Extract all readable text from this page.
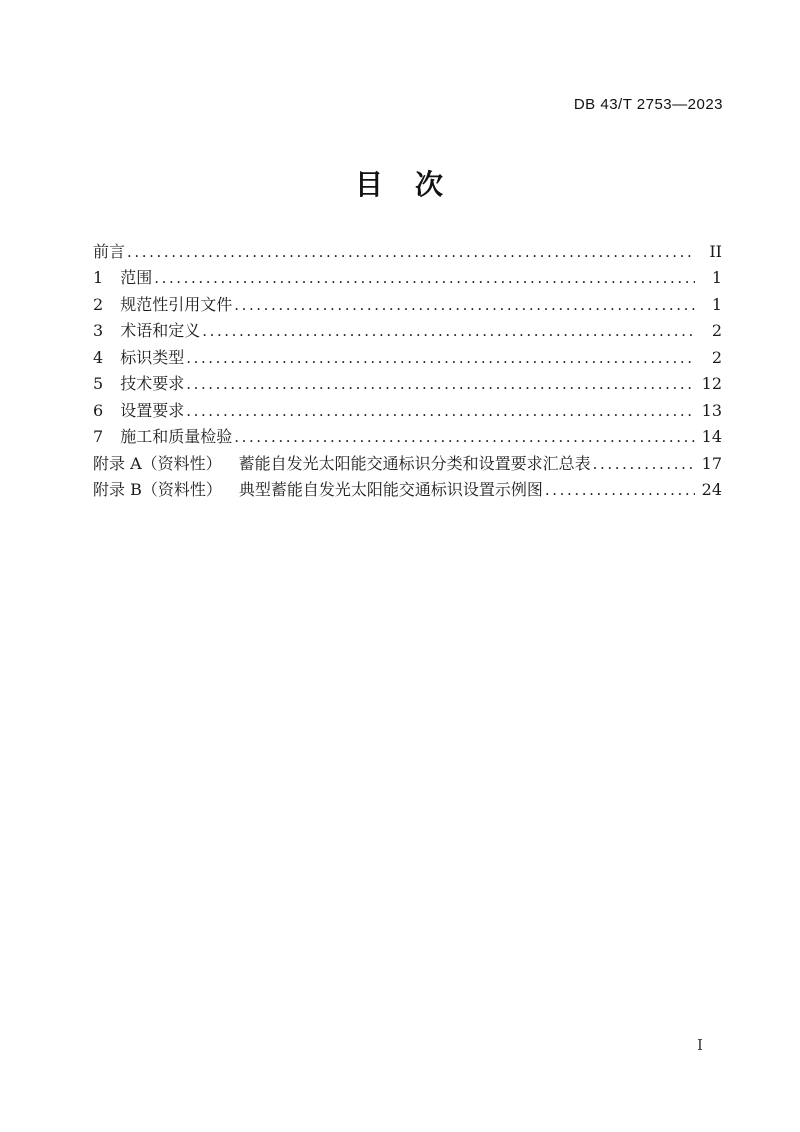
DB 43/T 2753—2023
目　次
前言 .....	II
1 范围 .....	1
2 规范性引用文件 .....	1
3 术语和定义 .....	2
4 标识类型 .....	2
5 技术要求 .....	12
6 设置要求 .....	13
7 施工和质量检验 .....	14
附录 A（资料性） 蓄能自发光太阳能交通标识分类和设置要求汇总表 .....	17
附录 B（资料性） 典型蓄能自发光太阳能交通标识设置示例图 .....	24
I
